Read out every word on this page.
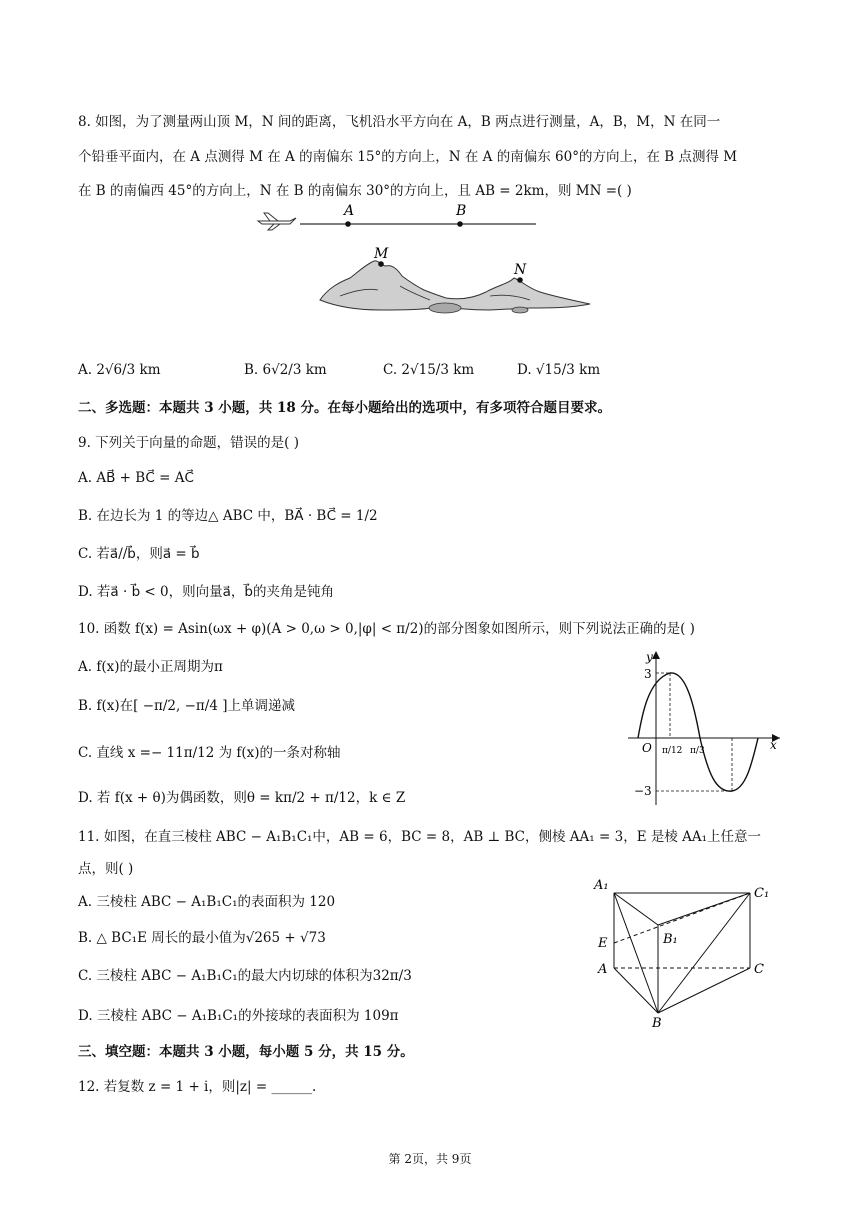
8. 如图，为了测量两山顶 M，N 间的距离，飞机沿水平方向在 A，B 两点进行测量，A，B，M，N 在同一
个铅垂平面内，在 A 点测得 M 在 A 的南偏东 15°的方向上，N 在 A 的南偏东 60°的方向上，在 B 点测得 M
在 B 的南偏西 45°的方向上，N 在 B 的南偏东 30°的方向上，且 AB = 2km，则 MN =( )
A	B
M
N
A. 2√6/3 km	B. 6√2/3 km	C. 2√15/3 km	D. √15/3 km
二、多选题：本题共 3 小题，共 18 分。在每小题给出的选项中，有多项符合题目要求。
9. 下列关于向量的命题，错误的是( )
A. AB⃗ + BC⃗ = AC⃗
B. 在边长为 1 的等边△ ABC 中，BA⃗ · BC⃗ = 1/2
C. 若a⃗//b⃗，则a⃗ = b⃗
D. 若a⃗ · b⃗ < 0，则向量a⃗，b⃗的夹角是钝角
10. 函数 f(x) = Asin(ωx + φ)(A > 0,ω > 0,|φ| < π/2)的部分图象如图所示，则下列说法正确的是( )
A. f(x)的最小正周期为π
B. f(x)在[ −π/2, −π/4 ]上单调递减
C. 直线 x =− 11π/12 为 f(x)的一条对称轴
D. 若 f(x + θ)为偶函数，则θ = kπ/2 + π/12，k ∈ Z
y
x
O
3
−3
π/12 π/3
11. 如图，在直三棱柱 ABC − A₁B₁C₁中，AB = 6，BC = 8，AB ⊥ BC，侧棱 AA₁ = 3，E 是棱 AA₁上任意一
点，则( )
A. 三棱柱 ABC − A₁B₁C₁的表面积为 120
B. △ BC₁E 周长的最小值为√265 + √73
C. 三棱柱 ABC − A₁B₁C₁的最大内切球的体积为32π/3
D. 三棱柱 ABC − A₁B₁C₁的外接球的表面积为 109π
A₁
C₁
E	B₁
A	C
B
三、填空题：本题共 3 小题，每小题 5 分，共 15 分。
12. 若复数 z = 1 + i，则|z| = ______.
第 2页，共 9页
